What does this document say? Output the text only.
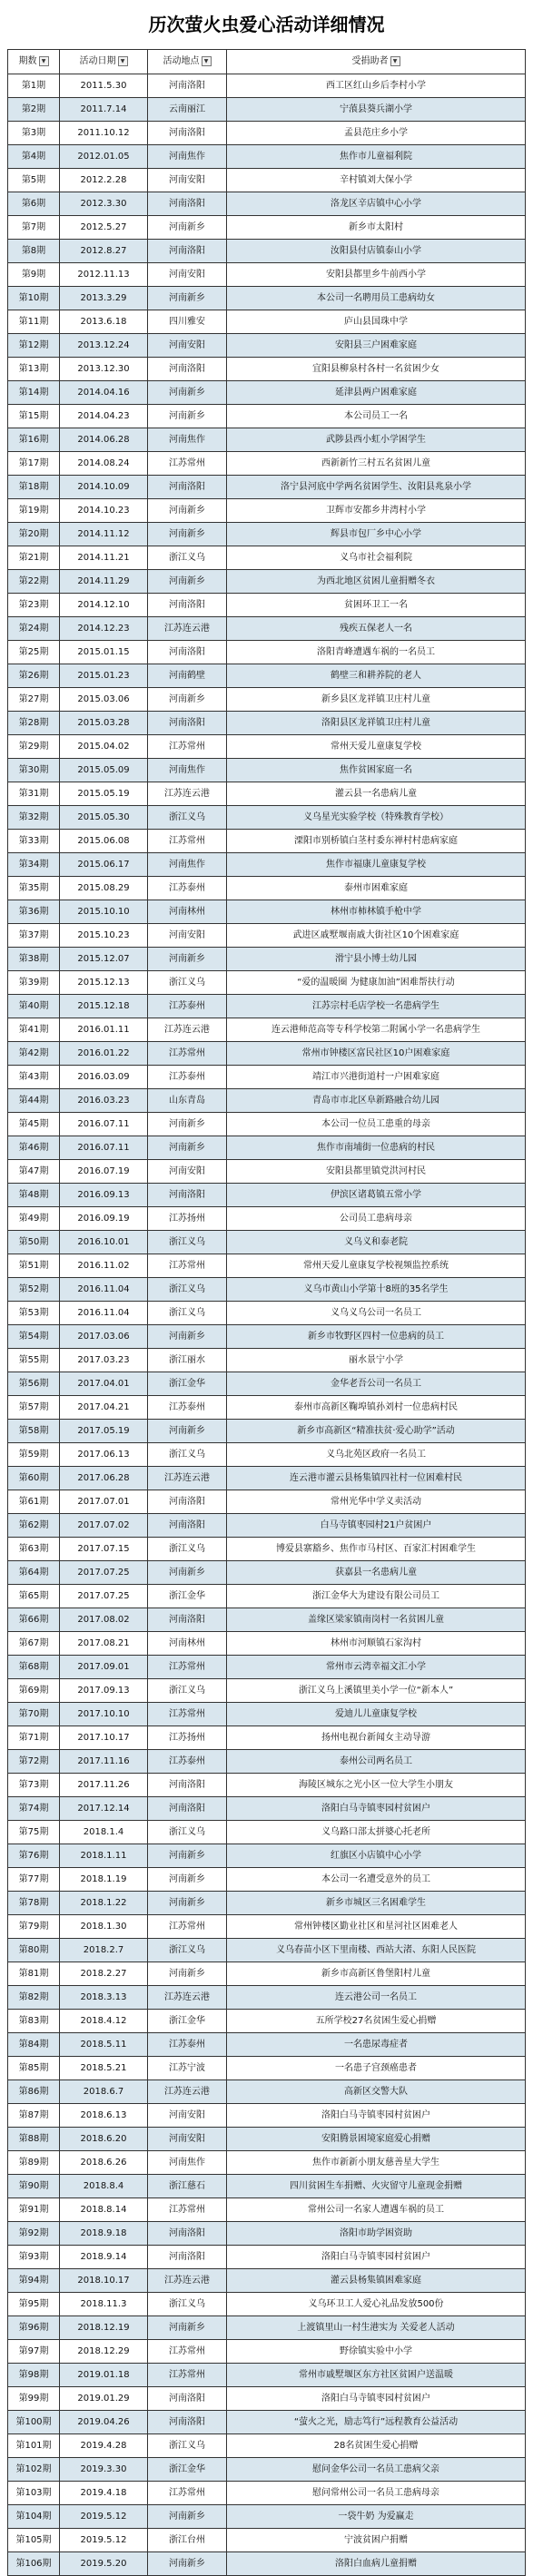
历次萤火虫爱心活动详细情况
期数 ▼	活动日期 ▼	活动地点 ▼	受捐助者 ▼
第1期	2011.5.30	河南洛阳	西工区红山乡后李村小学
第2期	2011.7.14	云南丽江	宁蒗县葵兵湖小学
第3期	2011.10.12	河南洛阳	孟县范庄乡小学
第4期	2012.01.05	河南焦作	焦作市儿童福利院
第5期	2012.2.28	河南安阳	辛村镇刘大保小学
第6期	2012.3.30	河南洛阳	洛龙区辛店镇中心小学
第7期	2012.5.27	河南新乡	新乡市太阳村
第8期	2012.8.27	河南洛阳	汝阳县付店镇泰山小学
第9期	2012.11.13	河南安阳	安阳县都里乡牛前西小学
第10期	2013.3.29	河南新乡	本公司一名聘用员工患病幼女
第11期	2013.6.18	四川雅安	庐山县国珠中学
第12期	2013.12.24	河南安阳	安阳县三户困难家庭
第13期	2013.12.30	河南洛阳	宜阳县柳泉村各村一名贫困少女
第14期	2014.04.16	河南新乡	延津县两户困难家庭
第15期	2014.04.23	河南新乡	本公司员工一名
第16期	2014.06.28	河南焦作	武陟县西小虹小学困学生
第17期	2014.08.24	江苏常州	西新新竹三村五名贫困儿童
第18期	2014.10.09	河南洛阳	洛宁县河底中学两名贫困学生、汝阳县兆泉小学
第19期	2014.10.23	河南新乡	卫辉市安都乡井湾村小学
第20期	2014.11.12	河南新乡	辉县市包厂乡中心小学
第21期	2014.11.21	浙江义乌	义乌市社会福利院
第22期	2014.11.29	河南新乡	为西北地区贫困儿童捐赠冬衣
第23期	2014.12.10	河南洛阳	贫困环卫工一名
第24期	2014.12.23	江苏连云港	残疾五保老人一名
第25期	2015.01.15	河南洛阳	洛阳青峰遭遇车祸的一名员工
第26期	2015.01.23	河南鹤壁	鹤壁三和耕养院的老人
第27期	2015.03.06	河南新乡	新乡县区龙祥镇卫庄村儿童
第28期	2015.03.28	河南洛阳	洛阳县区龙祥镇卫庄村儿童
第29期	2015.04.02	江苏常州	常州天爱儿童康复学校
第30期	2015.05.09	河南焦作	焦作贫困家庭一名
第31期	2015.05.19	江苏连云港	灌云县一名患病儿童
第32期	2015.05.30	浙江义乌	义乌星光实验学校（特殊教育学校）
第33期	2015.06.08	江苏常州	溧阳市别桥镇白茎村委东禅村村患病家庭
第34期	2015.06.17	河南焦作	焦作市福康儿童康复学校
第35期	2015.08.29	江苏泰州	泰州市困难家庭
第36期	2015.10.10	河南林州	林州市柿林镇手枪中学
第37期	2015.10.23	河南安阳	武进区戚墅堰南戚大街社区10个困难家庭
第38期	2015.12.07	河南新乡	滑宁县小博士幼儿园
第39期	2015.12.13	浙江义乌	“爱的温暖圈 为健康加油”困难帮扶行动
第40期	2015.12.18	江苏泰州	江苏宗村毛店学校一名患病学生
第41期	2016.01.11	江苏连云港	连云港师范高等专科学校第二附属小学一名患病学生
第42期	2016.01.22	江苏常州	常州市钟楼区富民社区10户困难家庭
第43期	2016.03.09	江苏泰州	靖江市兴港街道村一户困难家庭
第44期	2016.03.23	山东青岛	青岛市市北区阜新路融合幼儿园
第45期	2016.07.11	河南新乡	本公司一位员工患重的母亲
第46期	2016.07.11	河南新乡	焦作市南埔街一位患病的村民
第47期	2016.07.19	河南安阳	安阳县都里镇党洪河村民
第48期	2016.09.13	河南洛阳	伊滨区诸葛镇五常小学
第49期	2016.09.19	江苏扬州	公司员工患病母亲
第50期	2016.10.01	浙江义乌	义乌义和泰老院
第51期	2016.11.02	江苏常州	常州天爱儿童康复学校视频监控系统
第52期	2016.11.04	浙江义乌	义乌市黄山小学第十8班的35名学生
第53期	2016.11.04	浙江义乌	义乌义乌公司一名员工
第54期	2017.03.06	河南新乡	新乡市牧野区四村一位患病的员工
第55期	2017.03.23	浙江丽水	丽水景宁小学
第56期	2017.04.01	浙江金华	金华老吾公司一名员工
第57期	2017.04.21	江苏泰州	泰州市高新区鞠埠镇孙刘村一位患病村民
第58期	2017.05.19	河南新乡	新乡市高新区“精准扶贫·爱心助学”活动
第59期	2017.06.13	浙江义乌	义乌北苑区政府一名员工
第60期	2017.06.28	江苏连云港	连云港市灌云县杨集镇四社村一位困难村民
第61期	2017.07.01	河南洛阳	常州光华中学义卖活动
第62期	2017.07.02	河南洛阳	白马寺镇枣园村21户贫困户
第63期	2017.07.15	浙江义乌	博爱县寨豁乡、焦作市马村区、百家汇村困难学生
第64期	2017.07.25	河南新乡	获嘉县一名患病儿童
第65期	2017.07.25	浙江金华	浙江金华大为建设有限公司员工
第66期	2017.08.02	河南洛阳	盖缘区梁家镇南岗村一名贫困儿童
第67期	2017.08.21	河南林州	林州市河顺镇石家沟村
第68期	2017.09.01	江苏常州	常州市云湾幸福文汇小学
第69期	2017.09.13	浙江义乌	浙江义乌上溪镇里美小学一位“新本人”
第70期	2017.10.10	江苏常州	爱迪儿儿童康复学校
第71期	2017.10.17	江苏扬州	扬州电视台新闻女主动导游
第72期	2017.11.16	江苏泰州	泰州公司两名员工
第73期	2017.11.26	河南洛阳	海陵区城东之光小区一位大学生小朋友
第74期	2017.12.14	河南洛阳	洛阳白马寺镇枣园村贫困户
第75期	2018.1.4	浙江义乌	义乌路口部太拼婆心托老所
第76期	2018.1.11	河南新乡	红旗区小店镇中心小学
第77期	2018.1.19	河南新乡	本公司一名遭受意外的员工
第78期	2018.1.22	河南新乡	新乡市城区三名困难学生
第79期	2018.1.30	江苏常州	常州钟楼区勤业社区和星河社区困难老人
第80期	2018.2.7	浙江义乌	义乌春苗小区下里南楼、西站大渚、东阳人民医院
第81期	2018.2.27	河南新乡	新乡市高新区鲁堡阳村儿童
第82期	2018.3.13	江苏连云港	连云港公司一名员工
第83期	2018.4.12	浙江金华	五所学校27名贫困生爱心捐赠
第84期	2018.5.11	江苏泰州	一名患尿毒症者
第85期	2018.5.21	江苏宁波	一名患子宫颈癌患者
第86期	2018.6.7	江苏连云港	高新区交警大队
第87期	2018.6.13	河南安阳	洛阳白马寺镇枣园村贫困户
第88期	2018.6.20	河南安阳	安阳腾景困境家庭爱心捐赠
第89期	2018.6.26	河南焦作	焦作市新新小朋友慈善星大学生
第90期	2018.8.4	浙江慈石	四川贫困生车捐赠、火灾留守儿童现金捐赠
第91期	2018.8.14	江苏常州	常州公司一名家人遭遇车祸的员工
第92期	2018.9.18	河南洛阳	洛阳市助学困资助
第93期	2018.9.14	河南洛阳	洛阳白马寺镇枣园村贫困户
第94期	2018.10.17	江苏连云港	灌云县杨集镇困难家庭
第95期	2018.11.3	浙江义乌	义乌环卫工人爱心礼品发放500份
第96期	2018.12.19	河南新乡	上渡镇里山一村生港实为 关爱老人活动
第97期	2018.12.29	江苏常州	野徐镇实验中小学
第98期	2019.01.18	江苏常州	常州市戚墅堰区东方社区贫困户送温暖
第99期	2019.01.29	河南洛阳	洛阳白马寺镇枣园村贫困户
第100期	2019.04.26	河南洛阳	“萤火之光，励志笃行”远程教育公益活动
第101期	2019.4.28	浙江义乌	28名贫困生爱心捐赠
第102期	2019.3.30	浙江金华	慰问金华公司一名员工患病父亲
第103期	2019.4.18	江苏常州	慰问常州公司一名员工患病母亲
第104期	2019.5.12	河南新乡	一袋牛奶 为爱赢走
第105期	2019.5.12	浙江台州	宁波贫困户捐赠
第106期	2019.5.20	河南新乡	洛阳白血病儿童捐赠
